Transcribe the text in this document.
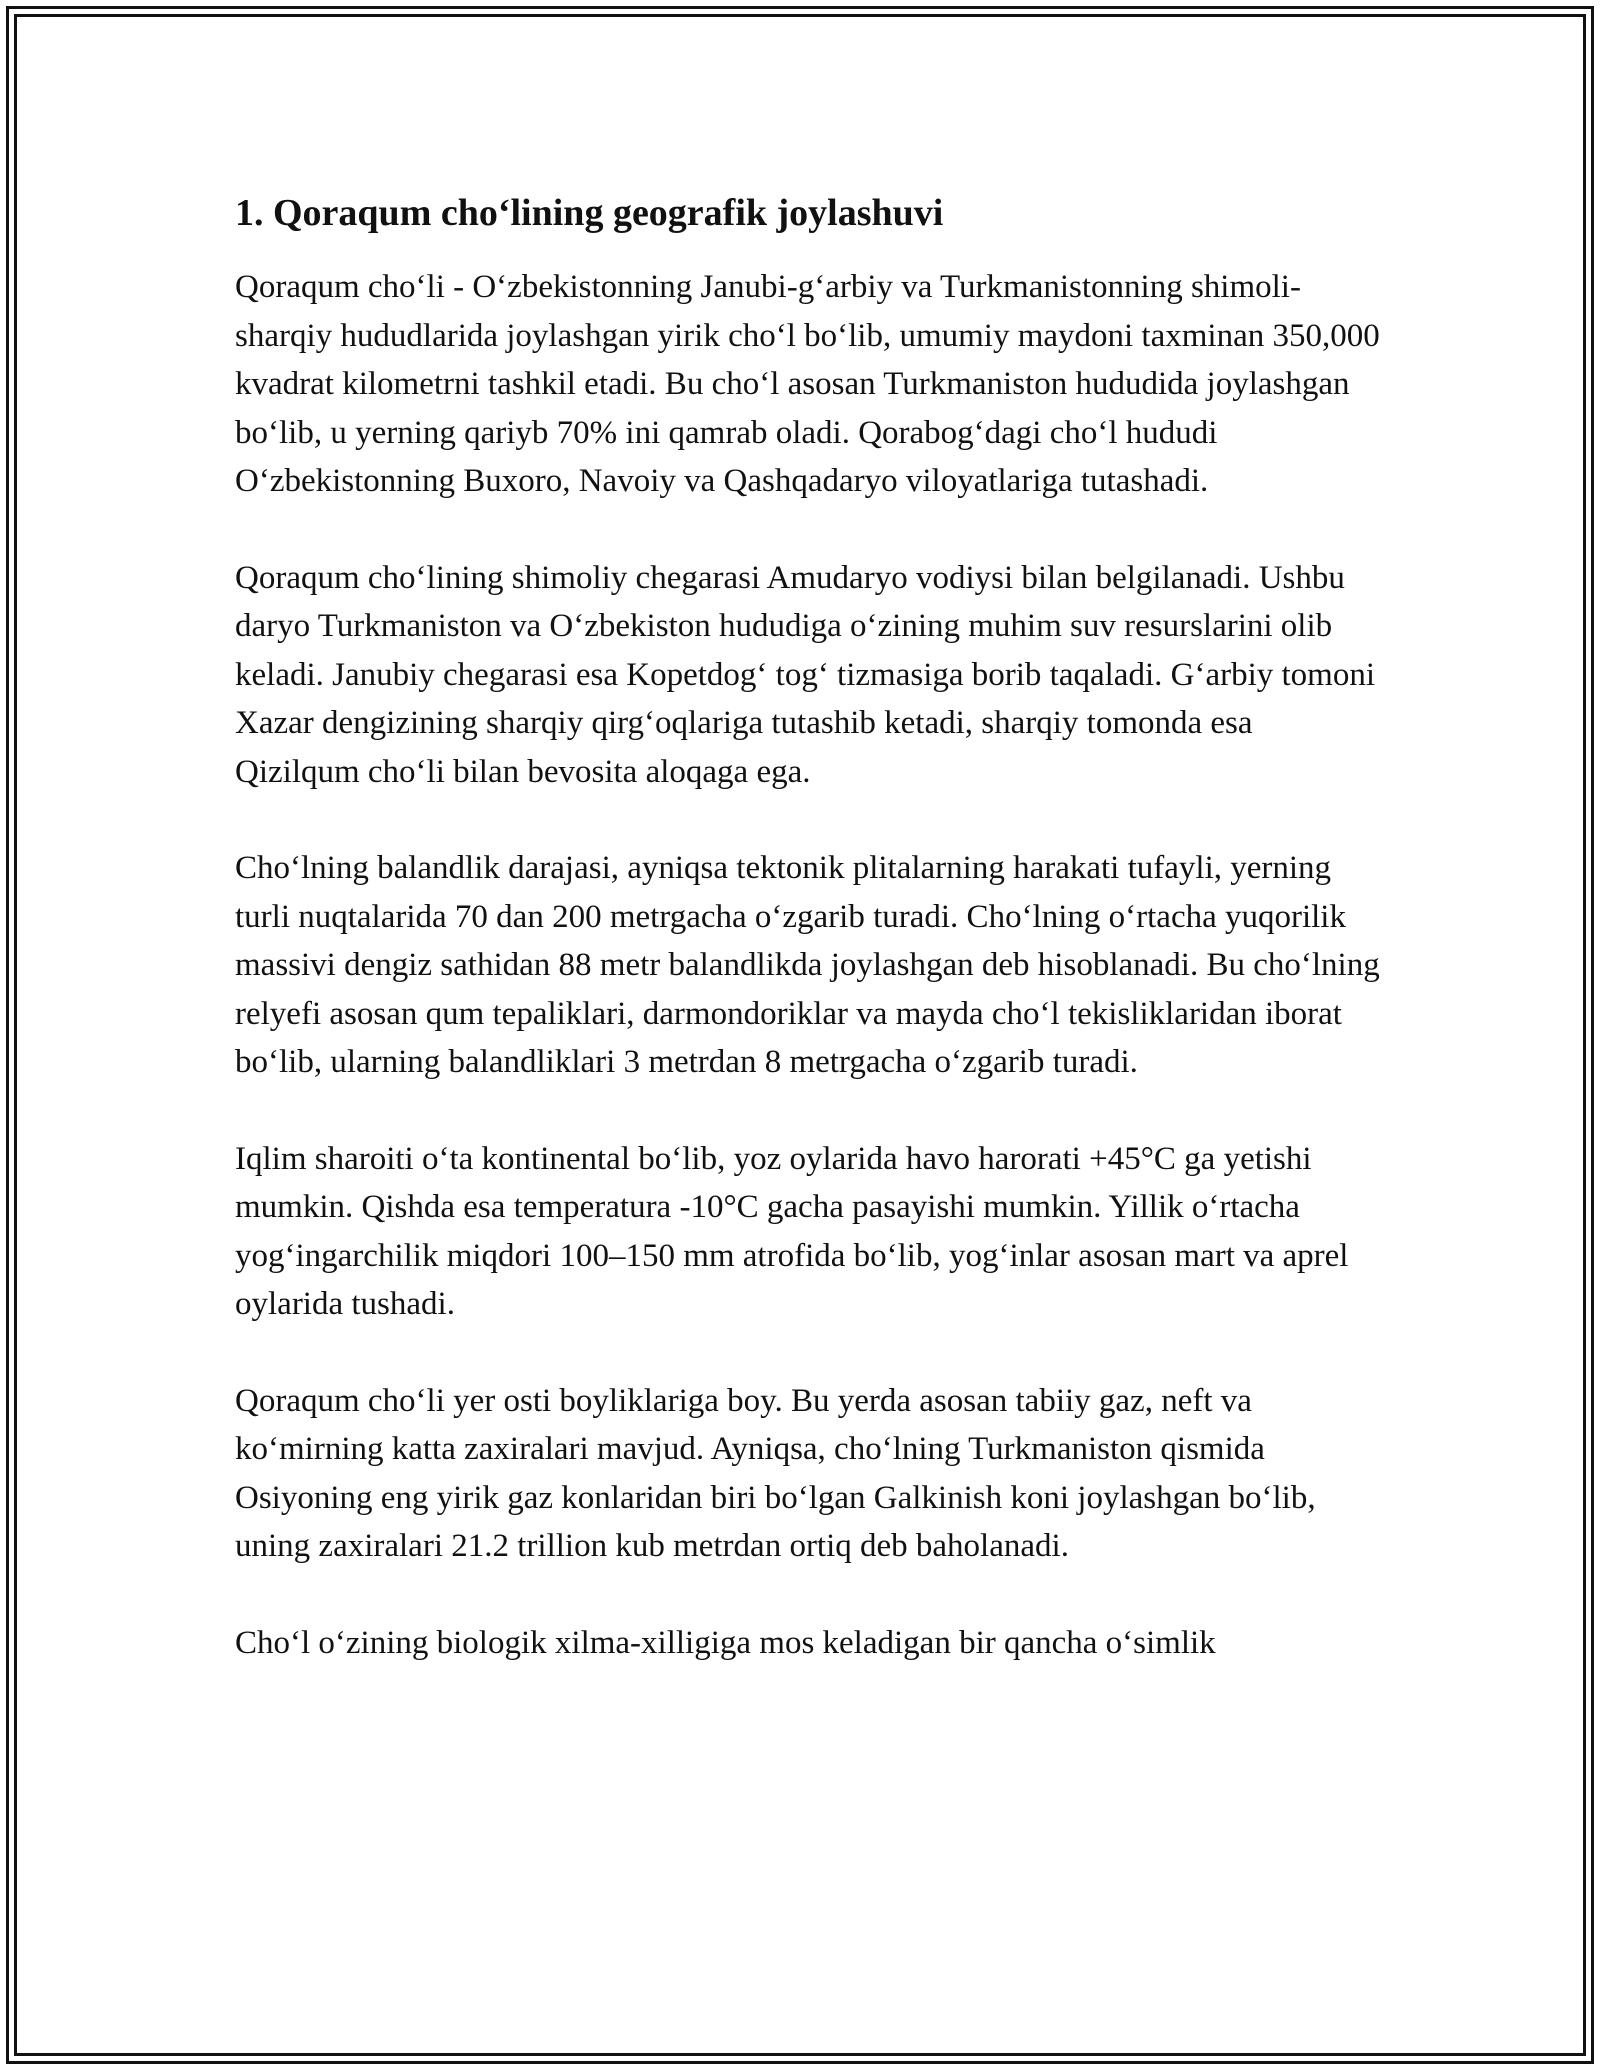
1. Qoraqum cho‘lining geografik joylashuvi

Qoraqum cho‘li - O‘zbekistonning Janubi-g‘arbiy va Turkmanistonning shimoli-sharqiy hududlarida joylashgan yirik cho‘l bo‘lib, umumiy maydoni taxminan 350,000 kvadrat kilometrni tashkil etadi. Bu cho‘l asosan Turkmaniston hududida joylashgan bo‘lib, u yerning qariyb 70% ini qamrab oladi. Qorabog‘dagi cho‘l hududi O‘zbekistonning Buxoro, Navoiy va Qashqadaryo viloyatlariga tutashadi.

Qoraqum cho‘lining shimoliy chegarasi Amudaryo vodiysi bilan belgilanadi. Ushbu daryo Turkmaniston va O‘zbekiston hududiga o‘zining muhim suv resurslarini olib keladi. Janubiy chegarasi esa Kopetdog‘ tog‘ tizmasiga borib taqaladi. G‘arbiy tomoni Xazar dengizining sharqiy qirg‘oqlariga tutashib ketadi, sharqiy tomonda esa Qizilqum cho‘li bilan bevosita aloqaga ega.

Cho‘lning balandlik darajasi, ayniqsa tektonik plitalarning harakati tufayli, yerning turli nuqtalarida 70 dan 200 metrgacha o‘zgarib turadi. Cho‘lning o‘rtacha yuqorilik massivi dengiz sathidan 88 metr balandlikda joylashgan deb hisoblanadi. Bu cho‘lning relyefi asosan qum tepaliklari, darmondoriklar va mayda cho‘l tekisliklaridan iborat bo‘lib, ularning balandliklari 3 metrdan 8 metrgacha o‘zgarib turadi.

Iqlim sharoiti o‘ta kontinental bo‘lib, yoz oylarida havo harorati +45°C ga yetishi mumkin. Qishda esa temperatura -10°C gacha pasayishi mumkin. Yillik o‘rtacha yog‘ingarchilik miqdori 100–150 mm atrofida bo‘lib, yog‘inlar asosan mart va aprel oylarida tushadi.

Qoraqum cho‘li yer osti boyliklariga boy. Bu yerda asosan tabiiy gaz, neft va ko‘mirning katta zaxiralari mavjud. Ayniqsa, cho‘lning Turkmaniston qismida Osiyoning eng yirik gaz konlaridan biri bo‘lgan Galkinish koni joylashgan bo‘lib, uning zaxiralari 21.2 trillion kub metrdan ortiq deb baholanadi.

Cho‘l o‘zining biologik xilma-xilligiga mos keladigan bir qancha o‘simlik
